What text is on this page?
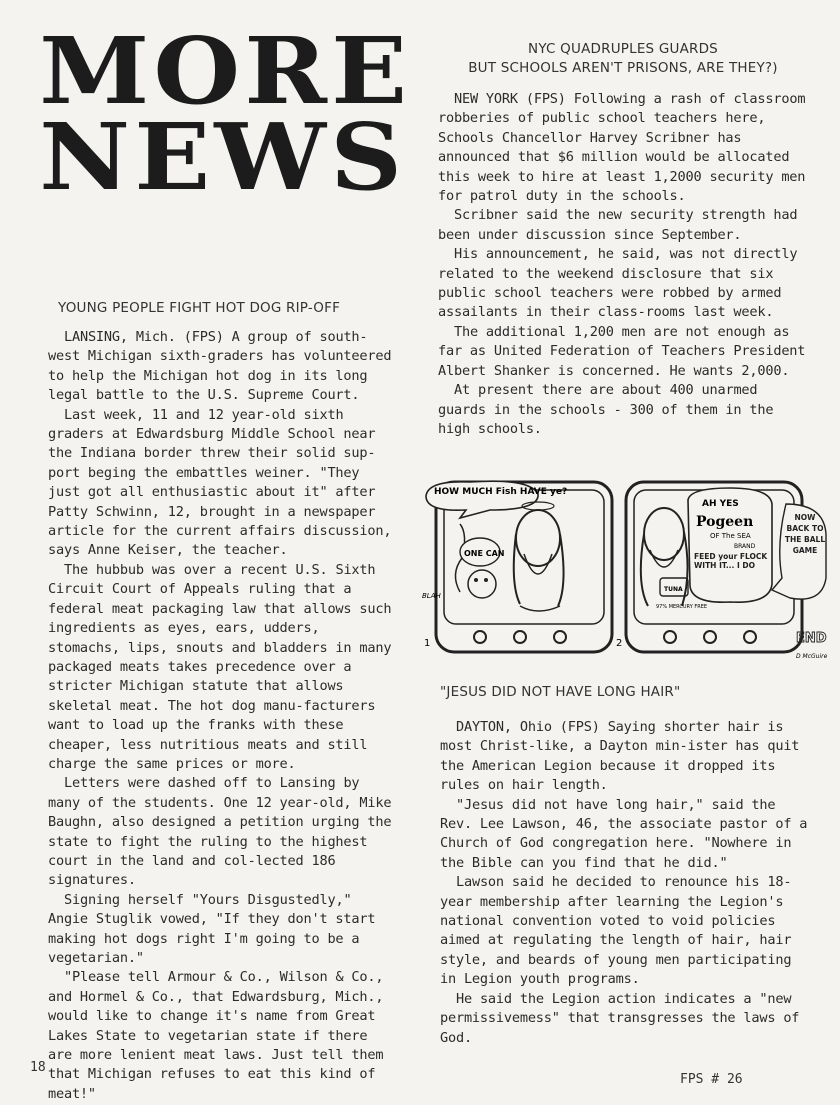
MORE
NEWS
YOUNG PEOPLE FIGHT HOT DOG RIP-OFF

LANSING, Mich. (FPS) A group of south-west Michigan sixth-graders has volunteered to help the Michigan hot dog in its long legal battle to the U.S. Supreme Court.

Last week, 11 and 12 year-old sixth graders at Edwardsburg Middle School near the Indiana border threw their solid sup-port beging the embattles weiner. "They just got all enthusiastic about it" after Patty Schwinn, 12, brought in a newspaper article for the current affairs discussion, says Anne Keiser, the teacher.

The hubbub was over a recent U.S. Sixth Circuit Court of Appeals ruling that a federal meat packaging law that allows such ingredients as eyes, ears, udders, stomachs, lips, snouts and bladders in many packaged meats takes precedence over a stricter Michigan statute that allows skeletal meat. The hot dog manu-facturers want to load up the franks with these cheaper, less nutritious meats and still charge the same prices or more.

Letters were dashed off to Lansing by many of the students. One 12 year-old, Mike Baughn, also designed a petition urging the state to fight the ruling to the highest court in the land and col-lected 186 signatures.

Signing herself "Yours Disgustedly," Angie Stuglik vowed, "If they don't start making hot dogs right I'm going to be a vegetarian."

"Please tell Armour & Co., Wilson & Co., and Hormel & Co., that Edwardsburg, Mich., would like to change it's name from Great Lakes State to vegetarian state if there are more lenient meat laws. Just tell them that Michigan refuses to eat this kind of meat!"

NYC QUADRUPLES GUARDS
BUT SCHOOLS AREN'T PRISONS, ARE THEY?)

NEW YORK (FPS) Following a rash of classroom robberies of public school teachers here, Schools Chancellor Harvey Scribner has announced that $6 million would be allocated this week to hire at least 1,2000 security men for patrol duty in the schools.

Scribner said the new security strength had been under discussion since September.

His announcement, he said, was not directly related to the weekend disclosure that six public school teachers were robbed by armed assailants in their class-rooms last week.

The additional 1,200 men are not enough as far as United Federation of Teachers President Albert Shanker is concerned. He wants 2,000.

At present there are about 400 unarmed guards in the schools - 300 of them in the high schools.

HOW MUCH Fish HAVE ye?
ONE CAN
BLAH
1
AH YES
Pogeen
OF The SEA
BRAND
FEED your FLOCK WITH IT... I DO
TUNA
97% MERCURY FREE
NOW BACK TO THE BALL GAME
2	END
D McGuire
"JESUS DID NOT HAVE LONG HAIR"

DAYTON, Ohio (FPS) Saying shorter hair is most Christ-like, a Dayton min-ister has quit the American Legion because it dropped its rules on hair length.

"Jesus did not have long hair," said the Rev. Lee Lawson, 46, the associate pastor of a Church of God congregation here. "Nowhere in the Bible can you find that he did."

Lawson said he decided to renounce his 18-year membership after learning the Legion's national convention voted to void policies aimed at regulating the length of hair, hair style, and beards of young men participating in Legion youth programs.

He said the Legion action indicates a "new permissivemess" that transgresses the laws of God.

18
FPS # 26
